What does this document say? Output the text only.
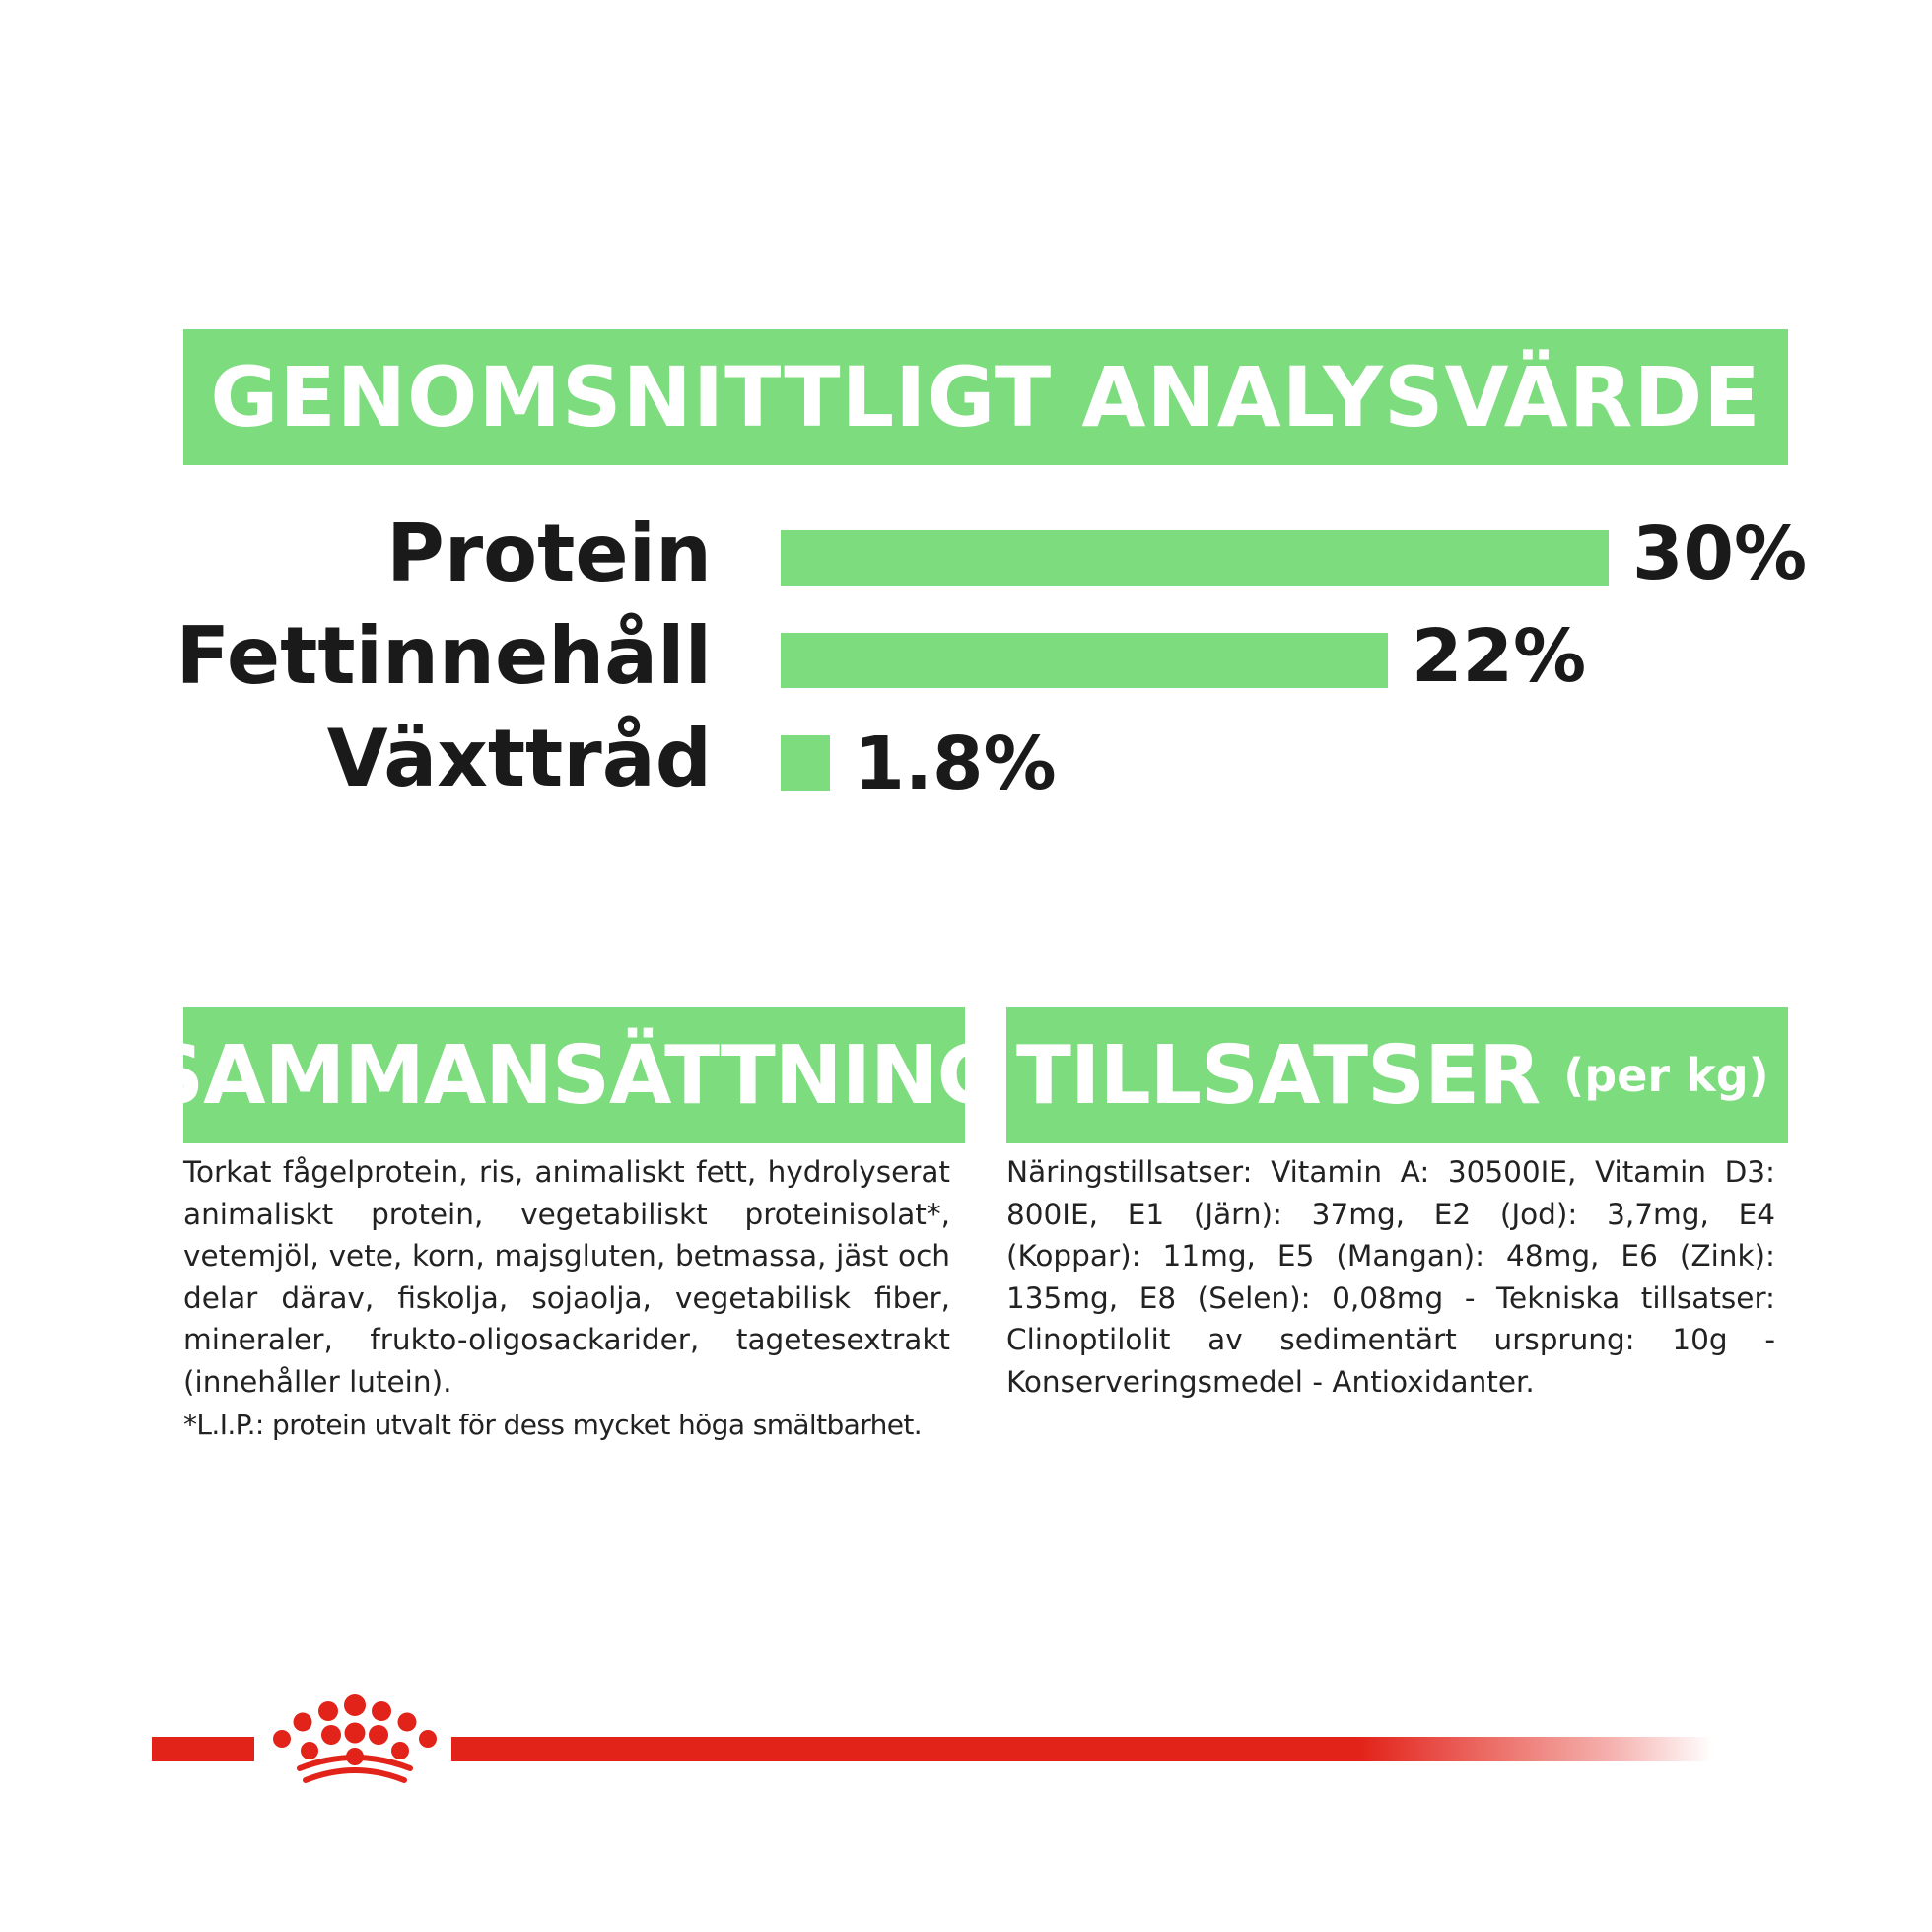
GENOMSNITTLIGT ANALYSVÄRDE
Protein	30%
Fettinnehåll	22%
Växttråd 1.8%
SAMMANSÄTTNING TILLSATSER (per kg)

Torkat fågelprotein, ris, animaliskt fett, hydrolyserat animaliskt protein, vegetabiliskt proteinisolat*, vetemjöl, vete, korn, majsgluten, betmassa, jäst och delar därav, fiskolja, sojaolja, vegetabilisk fiber, mineraler, frukto-oligosackarider, tagetesextrakt (innehåller lutein).

*L.I.P.: protein utvalt för dess mycket höga smältbarhet.

Näringstillsatser: Vitamin A: 30500IE, Vitamin D3: 800IE, E1 (Järn): 37mg, E2 (Jod): 3,7mg, E4 (Koppar): 11mg, E5 (Mangan): 48mg, E6 (Zink): 135mg, E8 (Selen): 0,08mg - Tekniska tillsatser: Clinoptilolit av sedimentärt ursprung: 10g - Konserveringsmedel - Antioxidanter.
